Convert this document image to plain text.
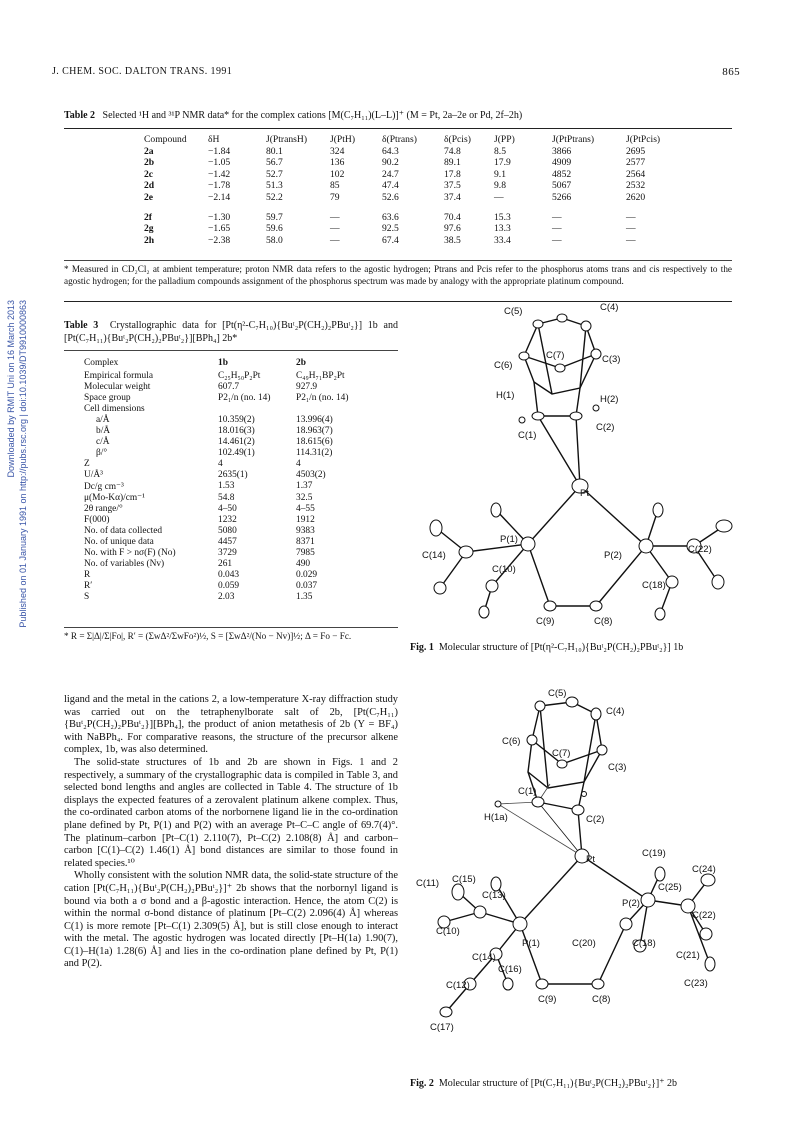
J. CHEM. SOC. DALTON TRANS. 1991	865
Downloaded by RMIT Uni on 16 March 2013 Published on 01 January 1991 on http://pubs.rsc.org | doi:10.1039/DT9910000863
Table 2 Selected ¹H and ³¹P NMR data* for the complex cations [M(C₇H₁₁)(L–L)]⁺ (M = Pt, 2a–2e or Pd, 2f–2h)
Compound	δH	J(PtransH)	J(PtH)	δ(Ptrans)	δ(Pcis)	J(PP)	J(PtPtrans)	J(PtPcis)
2a	−1.84	80.1	324	64.3	74.8	8.5	3866	2695
2b	−1.05	56.7	136	90.2	89.1	17.9	4909	2577
2c	−1.42	52.7	102	24.7	17.8	9.1	4852	2564
2d	−1.78	51.3	85	47.4	37.5	9.8	5067	2532
2e	−2.14	52.2	79	52.6	37.4	—	5266	2620
2f	−1.30	59.7	—	63.6	70.4	15.3	—	—
2g	−1.65	59.6	—	92.5	97.6	13.3	—	—
2h	−2.38	58.0	—	67.4	38.5	33.4	—	—
* Measured in CD₂Cl₂ at ambient temperature; proton NMR data refers to the agostic hydrogen; Ptrans and Pcis refer to the phosphorus atoms trans and cis respectively to the agostic hydrogen; for the palladium compounds assignment of the phosphorus spectrum was made by analogy with the appropriate platinum compound.
Table 3 Crystallographic data for [Pt(η²-C₇H₁₀){Buᵗ₂P(CH₂)₂PBuᵗ₂}] 1b and [Pt(C₇H₁₁){Buᵗ₂P(CH₂)₂PBuᵗ₂}][BPh₄] 2b*
Complex	1b	2b
Empirical formula	C₂₅H₅₀P₂Pt	C₄₉H₇₁BP₂Pt
Molecular weight	607.7	927.9
Space group	P2₁/n (no. 14)	P2₁/n (no. 14)
Cell dimensions		
a/Å	10.359(2)	13.996(4)
b/Å	18.016(3)	18.963(7)
c/Å	14.461(2)	18.615(6)
β/°	102.49(1)	114.31(2)
Z	4	4
U/Å³	2635(1)	4503(2)
Dc/g cm⁻³	1.53	1.37
μ(Mo-Kα)/cm⁻¹	54.8	32.5
2θ range/°	4–50	4–55
F(000)	1232	1912
No. of data collected	5080	9383
No. of unique data	4457	8371
No. with F > nσ(F) (No)	3729	7985
No. of variables (Nv)	261	490
R	0.043	0.029
R′	0.059	0.037
S	2.03	1.35
* R = Σ|Δ|/Σ|Fo|, R′ = (ΣwΔ²/ΣwFo²)½, S = [ΣwΔ²/(No − Nv)]½; Δ = Fo − Fc.
C(5)	C(4)
C(7)
C(6)
C(3)
H(1)	H(2)
C(1)
C(2)
Pt
P(1)
C(14)
C(10)
P(2)
C(22)
C(18)
C(9)	C(8)
Fig. 1 Molecular structure of [Pt(η²-C₇H₁₀){Buᵗ₂P(CH₂)₂PBuᵗ₂}] 1b

ligand and the metal in the cations 2, a low-temperature X-ray diffraction study was carried out on the tetraphenylborate salt of 2b, [Pt(C₇H₁₁){Buᵗ₂P(CH₂)₂PBuᵗ₂}][BPh₄], the product of anion metathesis of 2b (Y = BF₄) with NaBPh₄. For comparative reasons, the structure of the precursor alkene complex, 1b, was also determined.

The solid-state structures of 1b and 2b are shown in Figs. 1 and 2 respectively, a summary of the crystallographic data is compiled in Table 3, and selected bond lengths and angles are collected in Table 4. The structure of 1b displays the expected features of a zerovalent platinum alkene complex. Thus, the co-ordinated carbon atoms of the norbornene ligand lie in the co-ordination plane defined by Pt, P(1) and P(2) with an average Pt–C–C angle of 69.7(4)°. The platinum–carbon [Pt–C(1) 2.110(7), Pt–C(2) 2.108(8) Å] and carbon–carbon [C(1)–C(2) 1.46(1) Å] bond distances are similar to those found in related species.¹⁰

Wholly consistent with the solution NMR data, the solid-state structure of the cation [Pt(C₇H₁₁){Buᵗ₂P(CH₂)₂PBuᵗ₂}]⁺ 2b shows that the norbornyl ligand is bound via both a σ bond and a β-agostic interaction. Hence, the atom C(2) is within the normal σ-bond distance of platinum [Pt–C(2) 2.096(4) Å] whereas C(1) is more remote [Pt–C(1) 2.309(5) Å], but is still close enough to interact with the metal. The agostic hydrogen was located directly [Pt–H(1a) 1.90(7), C(1)–H(1a) 1.28(6) Å] and lies in the co-ordination plane defined by Pt, P(1) and P(2).

C(5)
C(4)
C(6)
C(7)
C(3)
C(1)
C(2)
H(1a)
Pt
C(19)
C(24)
C(11) C(15)
C(13)
C(25)
P(2)
C(22)
C(10)
P(1)	C(20)	C(18)
C(14)	C(21)
C(12)
C(16)
C(23)
C(9)	C(8)
C(17)
Fig. 2 Molecular structure of [Pt(C₇H₁₁){Buᵗ₂P(CH₂)₂PBuᵗ₂}]⁺ 2b
